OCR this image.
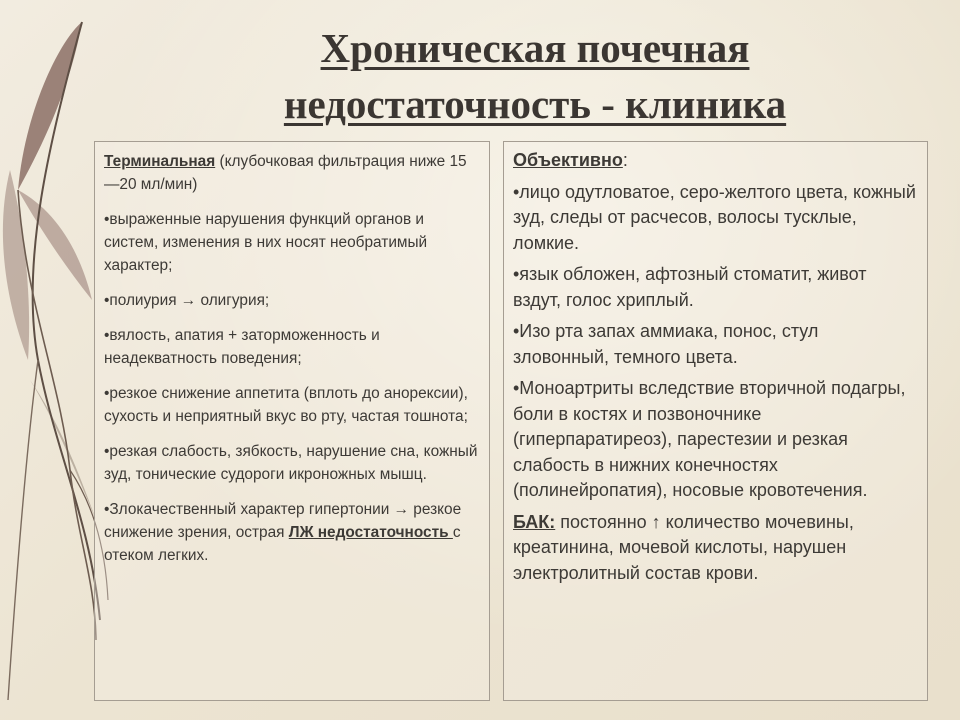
Хроническая почечная
недостаточность - клиника

Терминальная (клубочковая фильтрация ниже 15—20 мл/мин)

•выраженные нарушения функций органов и систем, изменения в них носят необратимый характер;

•полиурия → олигурия;

•вялость, апатия + заторможенность и неадекватность поведения;

•резкое снижение аппетита (вплоть до анорексии), сухость и неприятный вкус во рту, частая тошнота;

•резкая слабость, зябкость, нарушение сна, кожный зуд, тонические судороги икроножных мышц.

•Злокачественный характер гипертонии → резкое снижение зрения, острая ЛЖ недостаточность с отеком легких.

Объективно:

•лицо одутловатое, серо-желтого цвета, кожный зуд, следы от расчесов, волосы тусклые, ломкие.

•язык обложен, афтозный стоматит, живот вздут, голос хриплый.

•Изо рта запах аммиака, понос, стул зловонный, темного цвета.

•Моноартриты вследствие вторичной подагры, боли в костях и позвоночнике (гиперпаратиреоз), парестезии и резкая слабость в нижних конечностях (полинейропатия), носовые кровотечения.

БАК: постоянно ↑ количество мочевины, креатинина, мочевой кислоты, нарушен электролитный состав крови.
